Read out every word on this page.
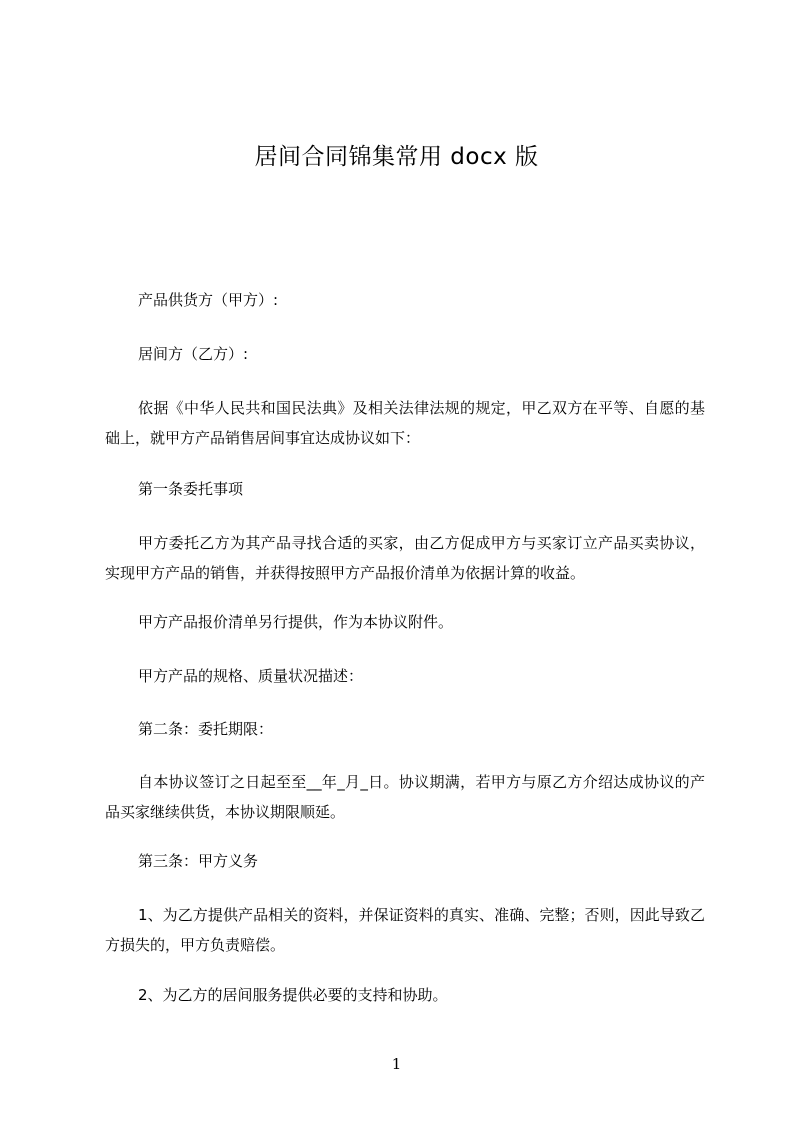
居间合同锦集常用 docx 版

产品供货方（甲方）:

居间方（乙方）:

依据《中华人民共和国民法典》及相关法律法规的规定，甲乙双方在平等、自愿的基础上，就甲方产品销售居间事宜达成协议如下：

第一条委托事项

甲方委托乙方为其产品寻找合适的买家，由乙方促成甲方与买家订立产品买卖协议，实现甲方产品的销售，并获得按照甲方产品报价清单为依据计算的收益。

甲方产品报价清单另行提供，作为本协议附件。

甲方产品的规格、质量状况描述：

第二条：委托期限：

自本协议签订之日起至至__年_月_日。协议期满，若甲方与原乙方介绍达成协议的产品买家继续供货，本协议期限顺延。

第三条：甲方义务

1、为乙方提供产品相关的资料，并保证资料的真实、准确、完整；否则，因此导致乙方损失的，甲方负责赔偿。

2、为乙方的居间服务提供必要的支持和协助。

1
